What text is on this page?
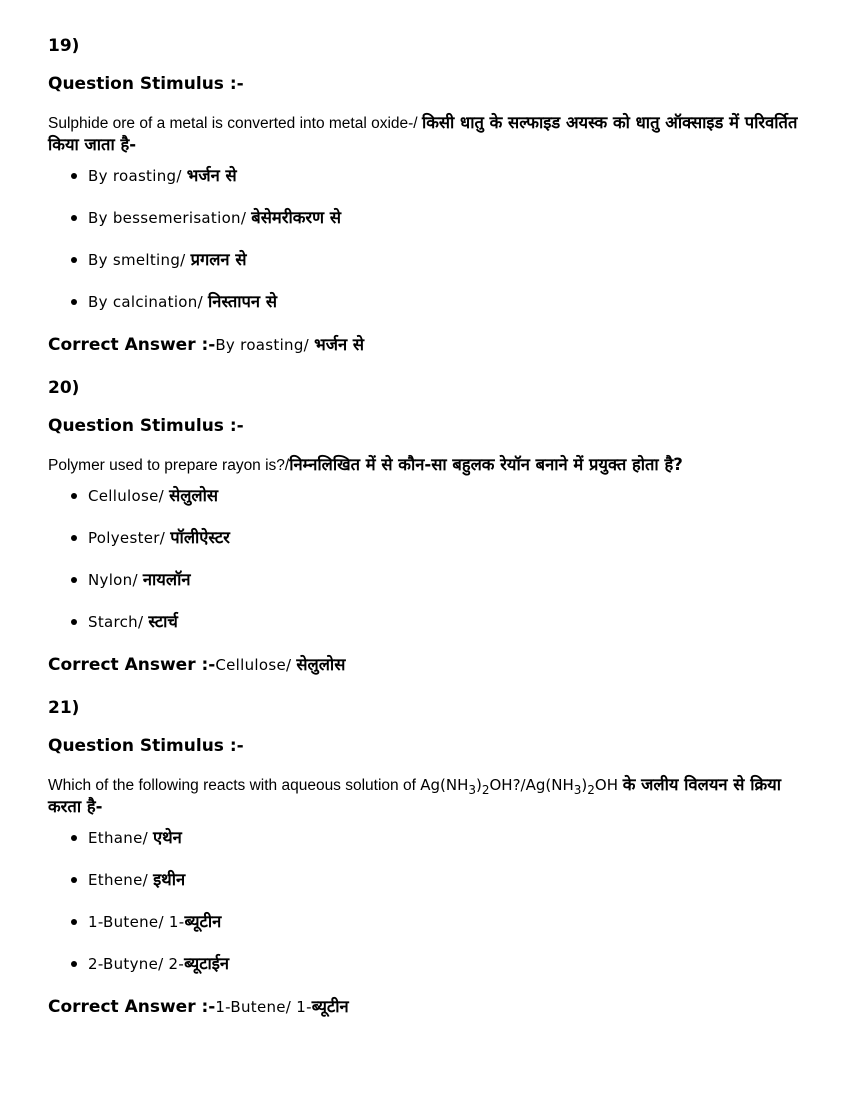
19)
Question Stimulus :-

Sulphide ore of a metal is converted into metal oxide-/ किसी धातु के सल्फाइड अयस्क को धातु ऑक्साइड में परिवर्तित किया जाता है-

By roasting/ भर्जन से
By bessemerisation/ बेसेमरीकरण से
By smelting/ प्रगलन से
By calcination/ निस्तापन से

Correct Answer :-By roasting/ भर्जन से

20)
Question Stimulus :-

Polymer used to prepare rayon is?/निम्नलिखित में से कौन-सा बहुलक रेयॉन बनाने में प्रयुक्त होता है?

Cellulose/ सेलुलोस
Polyester/ पॉलीऐस्टर
Nylon/ नायलॉन
Starch/ स्टार्च

Correct Answer :-Cellulose/ सेलुलोस

21)
Question Stimulus :-

Which of the following reacts with aqueous solution of $Ag(NH_3)_2OH?/Ag(NH_3)_2OH$ के जलीय विलयन से क्रिया करता है-

Ethane/ एथेन
Ethene/ इथीन
1-Butene/ 1-ब्यूटीन
2-Butyne/ 2-ब्यूटाईन

Correct Answer :-1-Butene/ 1-ब्यूटीन
